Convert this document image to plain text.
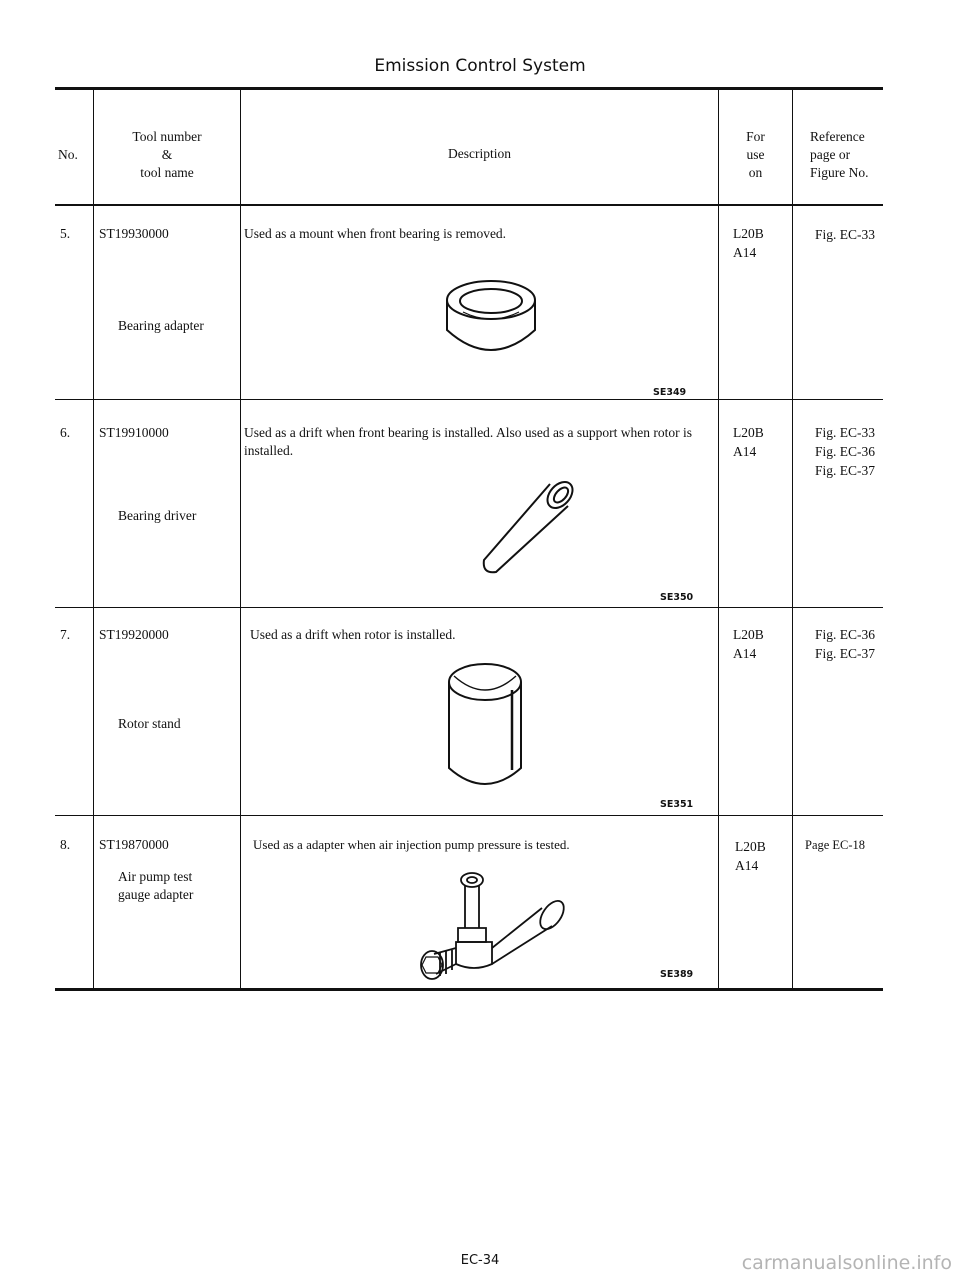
Emission Control System
No.
Tool number
&
tool name
Description
For
use
on
Reference
page or
Figure No.
5. ST19930000
Bearing adapter
Used as a mount when front bearing is removed.
SE349
L20B
A14
Fig. EC-33
6. ST19910000
Bearing driver
Used as a drift when front bearing is installed. Also used as a support when rotor is installed.
SE350
L20B
A14
Fig. EC-33
Fig. EC-36
Fig. EC-37
7. ST19920000
Rotor stand
Used as a drift when rotor is installed.
SE351
L20B
A14
Fig. EC-36
Fig. EC-37
8. ST19870000
Air pump test
gauge adapter
Used as a adapter when air injection pump pressure is tested.
SE389
L20B
A14
Page EC-18
EC-34	carmanualsonline.info
